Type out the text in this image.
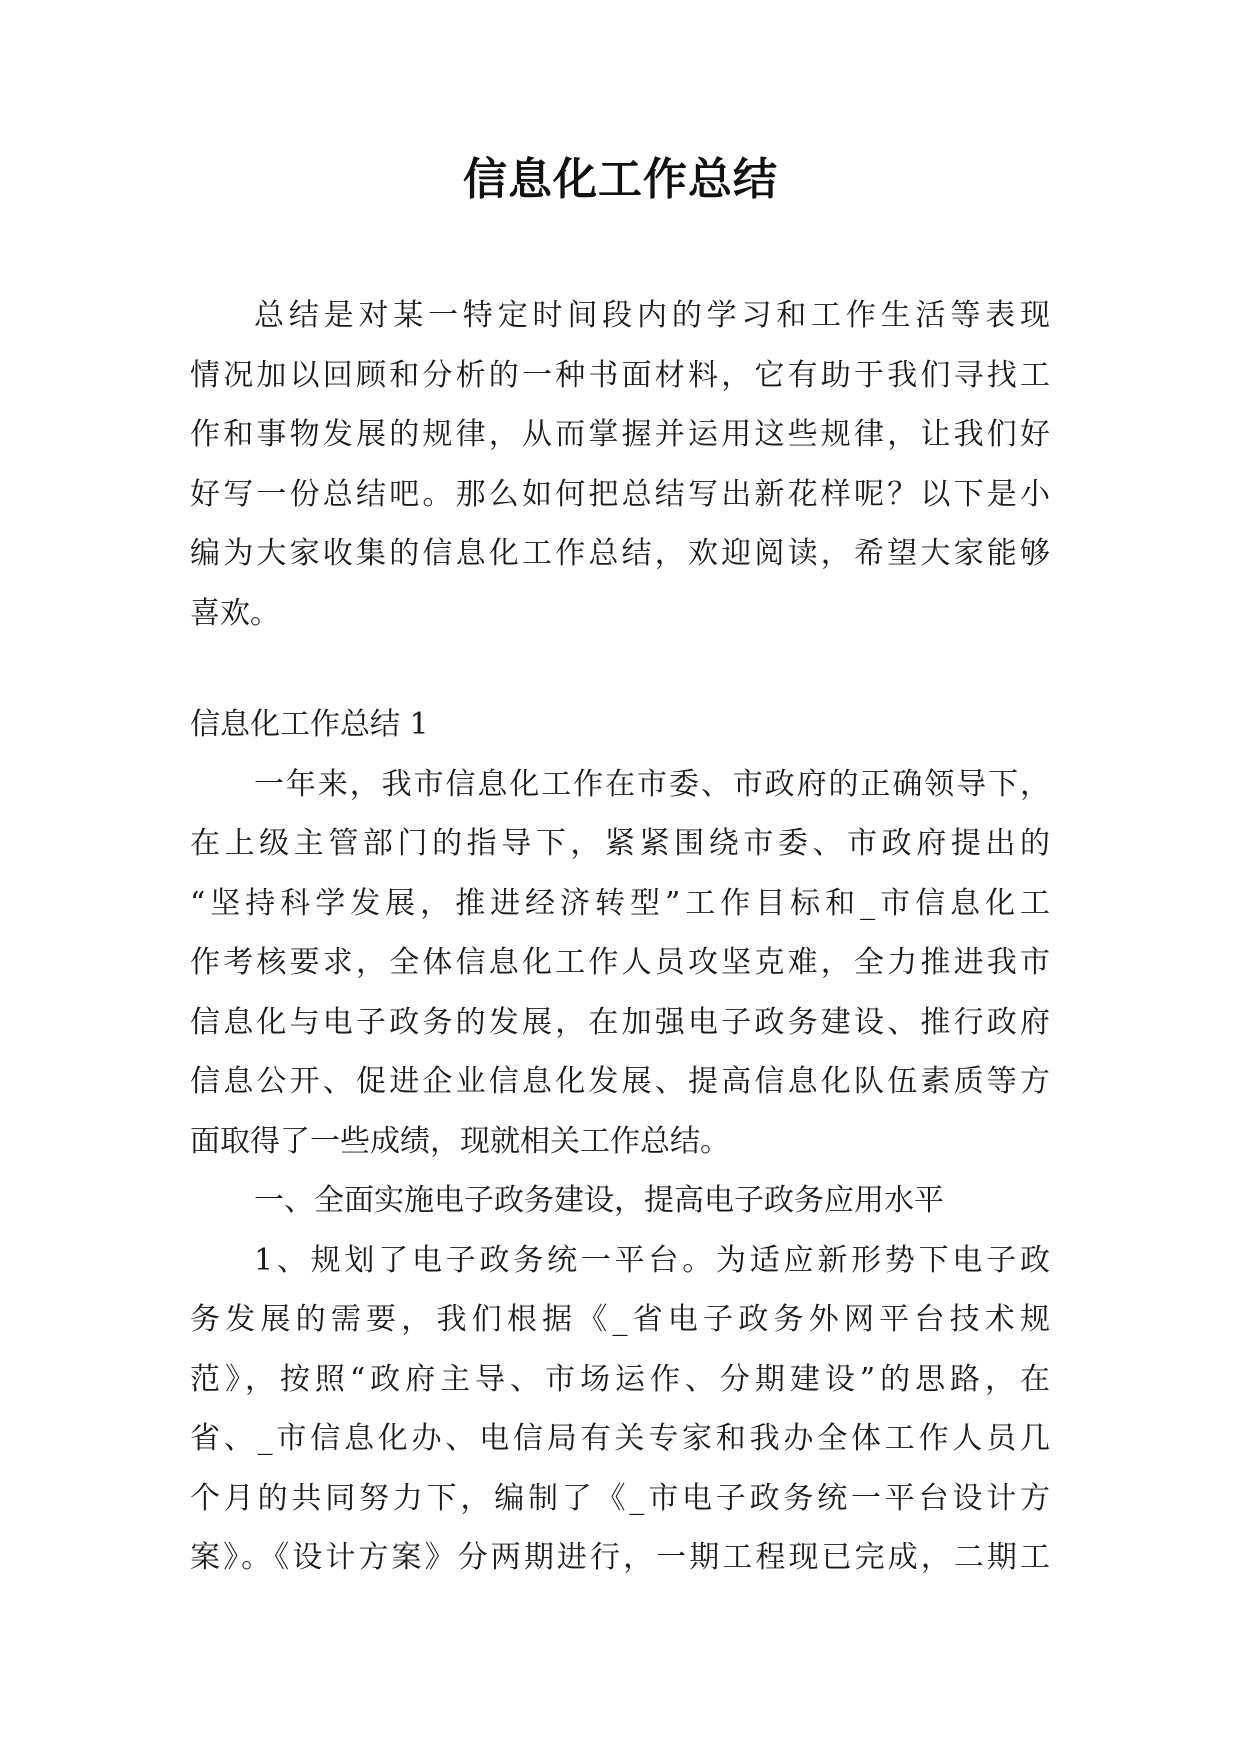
信息化工作总结
总结是对某一特定时间段内的学习和工作生活等表现
情况加以回顾和分析的一种书面材料，它有助于我们寻找工
作和事物发展的规律，从而掌握并运用这些规律，让我们好
好写一份总结吧。那么如何把总结写出新花样呢？以下是小
编为大家收集的信息化工作总结，欢迎阅读，希望大家能够
喜欢。
信息化工作总结 1
一年来，我市信息化工作在市委、市政府的正确领导下，
在上级主管部门的指导下，紧紧围绕市委、市政府提出的
“坚持科学发展，推进经济转型”工作目标和_市信息化工
作考核要求，全体信息化工作人员攻坚克难，全力推进我市
信息化与电子政务的发展，在加强电子政务建设、推行政府
信息公开、促进企业信息化发展、提高信息化队伍素质等方
面取得了一些成绩，现就相关工作总结。
一、全面实施电子政务建设，提高电子政务应用水平
1、规划了电子政务统一平台。为适应新形势下电子政
务发展的需要，我们根据《_省电子政务外网平台技术规
范》，按照“政府主导、市场运作、分期建设”的思路，在
省、_市信息化办、电信局有关专家和我办全体工作人员几
个月的共同努力下，编制了《_市电子政务统一平台设计方
案》。《设计方案》分两期进行，一期工程现已完成，二期工
